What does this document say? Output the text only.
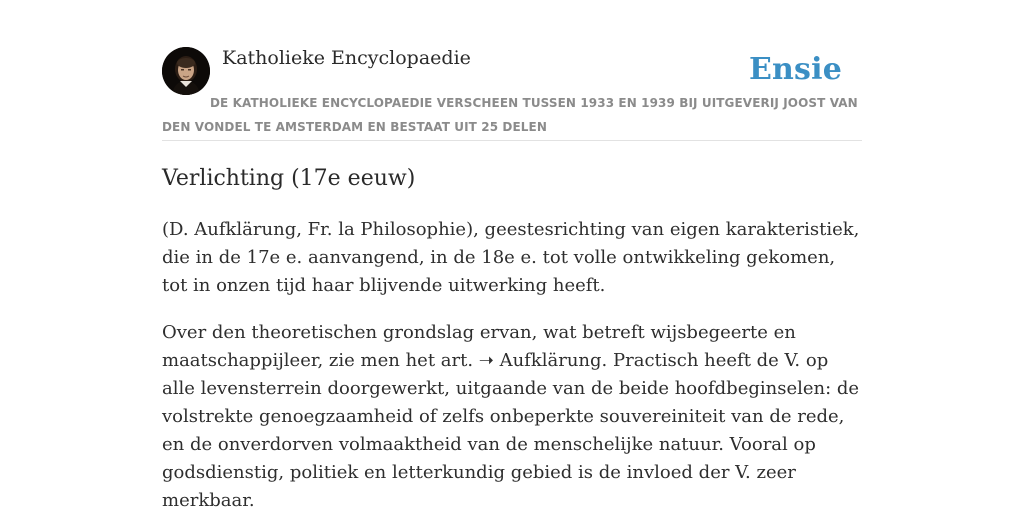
Katholieke Encyclopaedie	Ensie
DE KATHOLIEKE ENCYCLOPAEDIE VERSCHEEN TUSSEN 1933 EN 1939 BIJ UITGEVERIJ JOOST VAN DEN VONDEL TE AMSTERDAM EN BESTAAT UIT 25 DELEN
Verlichting (17e eeuw)

(D. Aufklärung, Fr. la Philosophie), geestesrichting van eigen karakteristiek, die in de 17e e. aanvangend, in de 18e e. tot volle ontwikkeling gekomen, tot in onzen tijd haar blijvende uitwerking heeft.

Over den theoretischen grondslag ervan, wat betreft wijsbegeerte en maatschappijleer, zie men het art. ➝ Aufklärung. Practisch heeft de V. op alle levensterrein doorgewerkt, uitgaande van de beide hoofdbeginselen: de volstrekte genoegzaamheid of zelfs onbeperkte souvereiniteit van de rede, en de onverdorven volmaaktheid van de menschelijke natuur. Vooral op godsdienstig, politiek en letterkundig gebied is de invloed der V. zeer merkbaar.
